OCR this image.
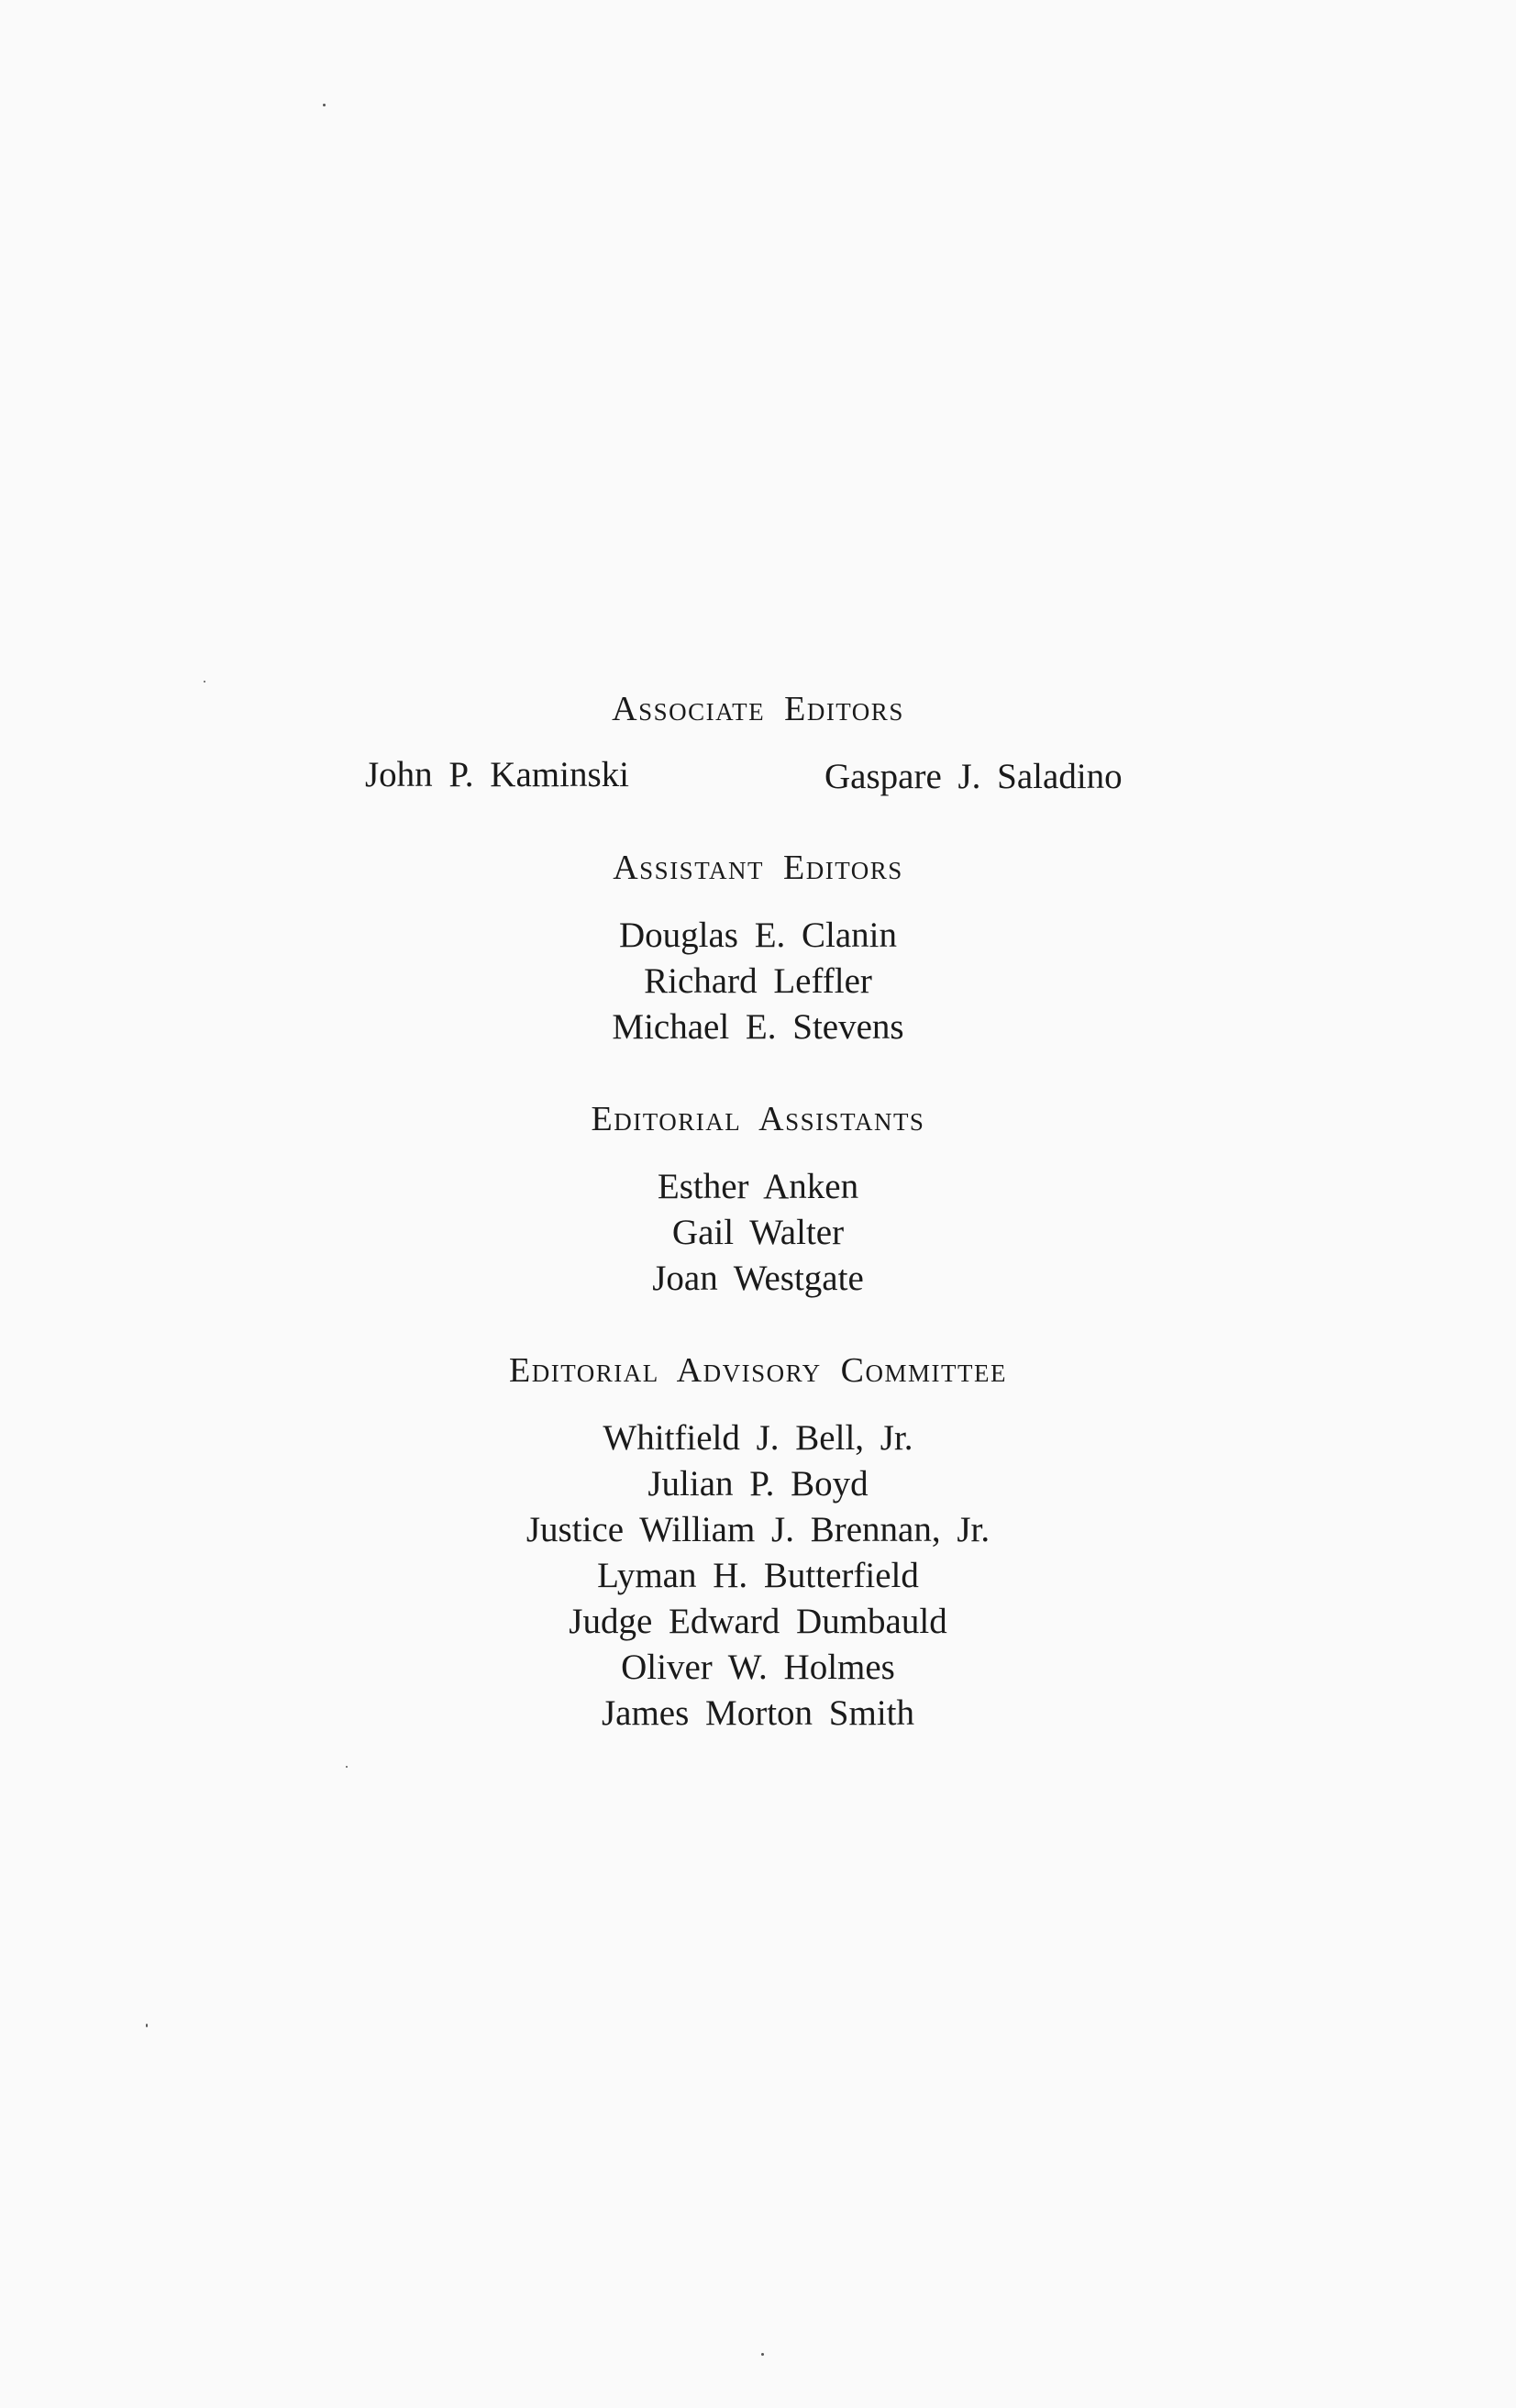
Associate Editors
John P. Kaminski	Gaspare J. Saladino
Assistant Editors
Douglas E. Clanin
Richard Leffler
Michael E. Stevens
Editorial Assistants
Esther Anken
Gail Walter
Joan Westgate
Editorial Advisory Committee
Whitfield J. Bell, Jr.
Julian P. Boyd
Justice William J. Brennan, Jr.
Lyman H. Butterfield
Judge Edward Dumbauld
Oliver W. Holmes
James Morton Smith
